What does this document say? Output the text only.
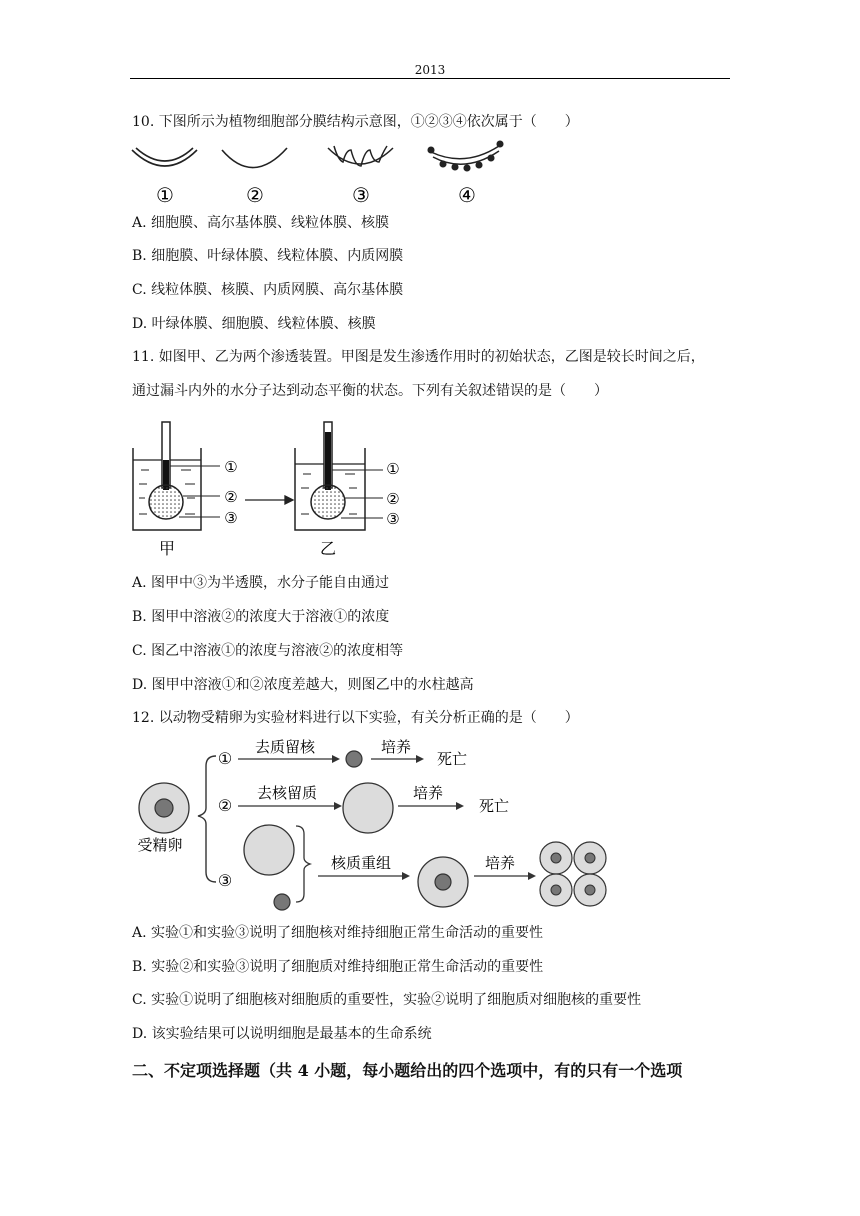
2013
10. 下图所示为植物细胞部分膜结构示意图，①②③④依次属于（　　）
①	②	③	④
A. 细胞膜、高尔基体膜、线粒体膜、核膜
B. 细胞膜、叶绿体膜、线粒体膜、内质网膜
C. 线粒体膜、核膜、内质网膜、高尔基体膜
D. 叶绿体膜、细胞膜、线粒体膜、核膜
11. 如图甲、乙为两个渗透装置。甲图是发生渗透作用时的初始状态，乙图是较长时间之后，
通过漏斗内外的水分子达到动态平衡的状态。下列有关叙述错误的是（　　）
①
②
③
甲
①
②
③
乙
A. 图甲中③为半透膜，水分子能自由通过
B. 图甲中溶液②的浓度大于溶液①的浓度
C. 图乙中溶液①的浓度与溶液②的浓度相等
D. 图甲中溶液①和②浓度差越大，则图乙中的水柱越高
12. 以动物受精卵为实验材料进行以下实验，有关分析正确的是（　　）
受精卵
①
去质留核	培养
死亡
②
去核留质	培养
死亡
③
核质重组	培养
A. 实验①和实验③说明了细胞核对维持细胞正常生命活动的重要性
B. 实验②和实验③说明了细胞质对维持细胞正常生命活动的重要性
C. 实验①说明了细胞核对细胞质的重要性，实验②说明了细胞质对细胞核的重要性
D. 该实验结果可以说明细胞是最基本的生命系统
二、不定项选择题（共 4 小题，每小题给出的四个选项中，有的只有一个选项
